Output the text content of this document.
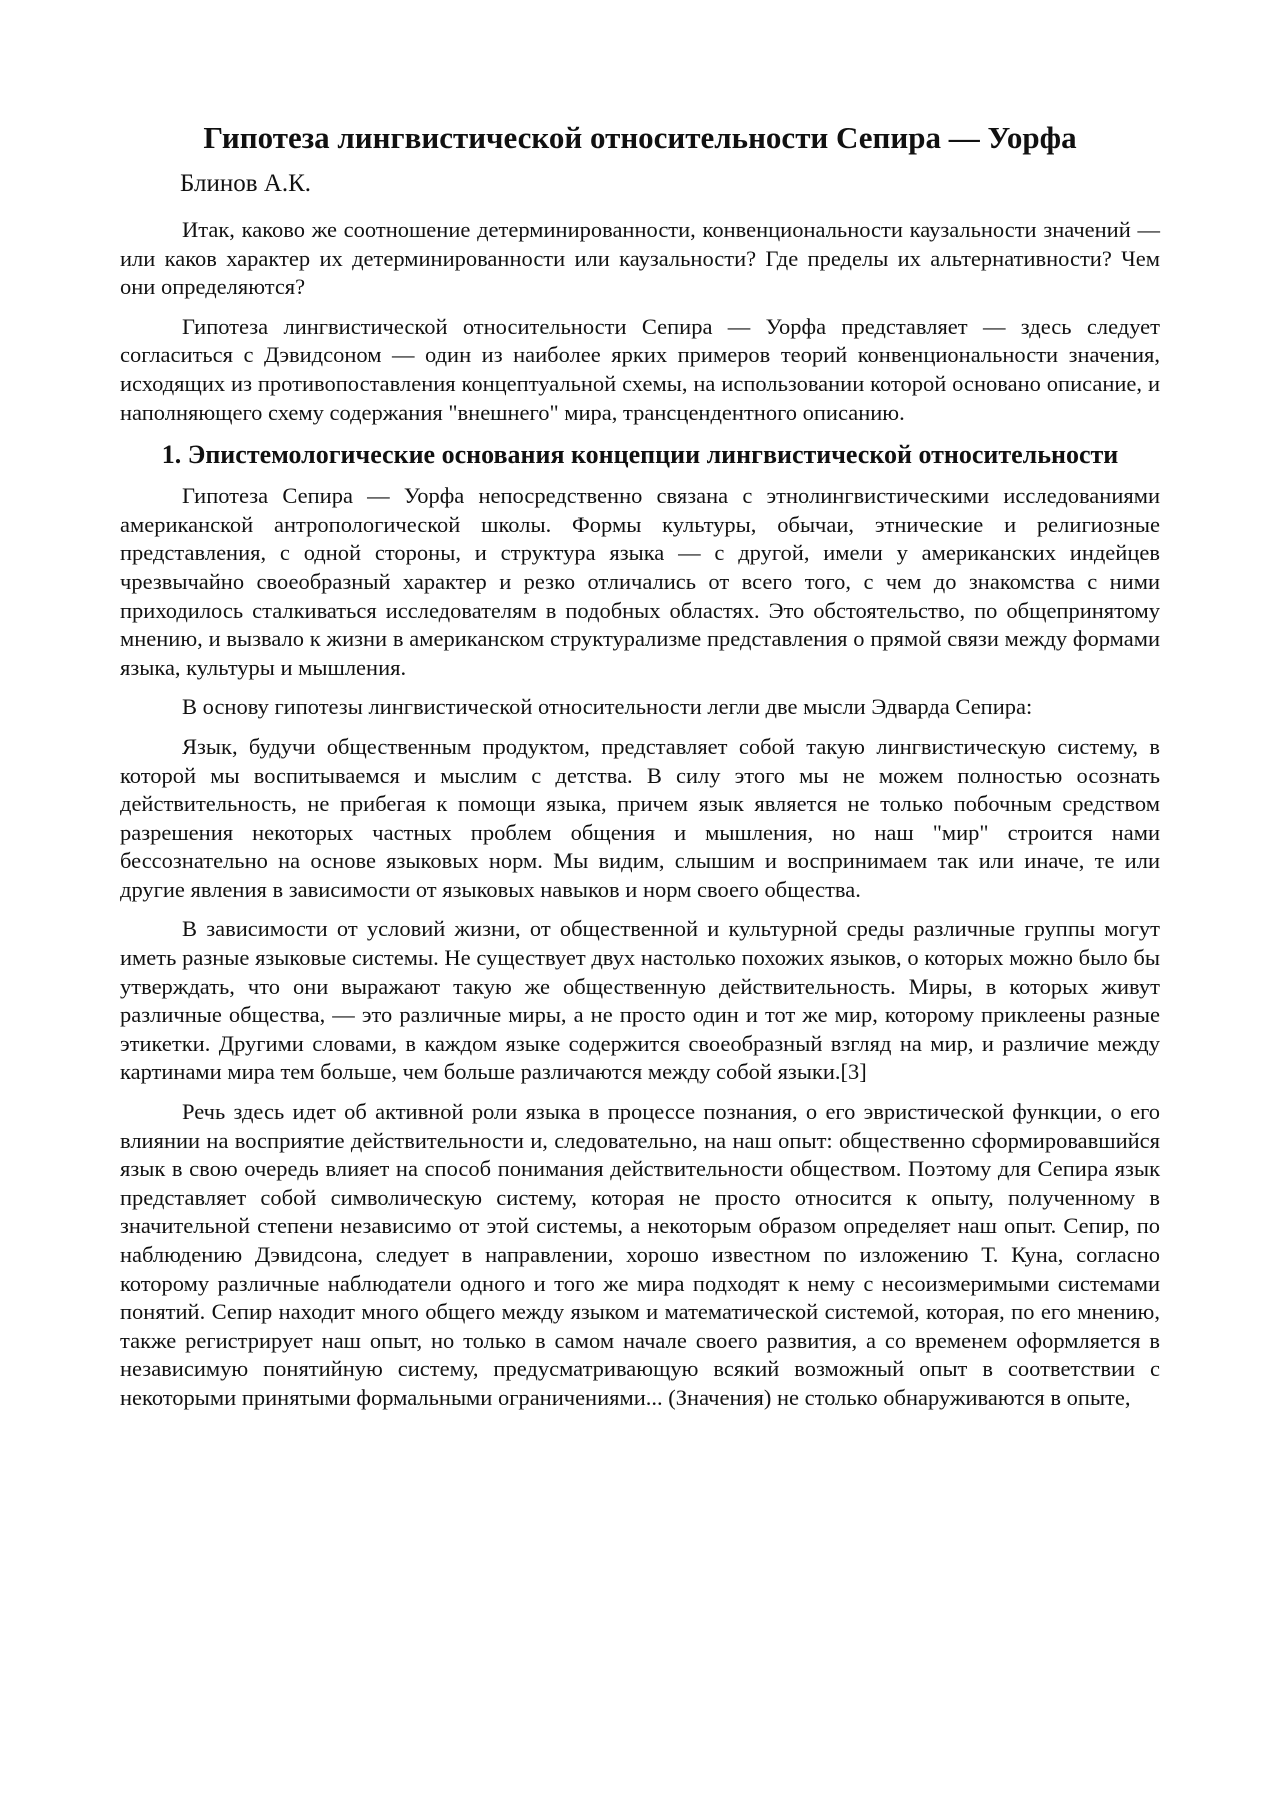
Гипотеза лингвистической относительности Сепира — Уорфа
Блинов А.К.

Итак, каково же соотношение детерминированности, конвенциональности каузальности значений — или каков характер их детерминированности или каузальности? Где пределы их альтернативности? Чем они определяются?

Гипотеза лингвистической относительности Сепира — Уорфа представляет — здесь следует согласиться с Дэвидсоном — один из наиболее ярких примеров теорий конвенциональности значения, исходящих из противопоставления концептуальной схемы, на использовании которой основано описание, и наполняющего схему содержания "внешнего" мира, трансцендентного описанию.

1. Эпистемологические основания концепции лингвистической относительности

Гипотеза Сепира — Уорфа непосредственно связана с этнолингвистическими исследованиями американской антропологической школы. Формы культуры, обычаи, этнические и религиозные представления, с одной стороны, и структура языка — с другой, имели у американских индейцев чрезвычайно своеобразный характер и резко отличались от всего того, с чем до знакомства с ними приходилось сталкиваться исследователям в подобных областях. Это обстоятельство, по общепринятому мнению, и вызвало к жизни в американском структурализме представления о прямой связи между формами языка, культуры и мышления.

В основу гипотезы лингвистической относительности легли две мысли Эдварда Сепира:

Язык, будучи общественным продуктом, представляет собой такую лингвистическую систему, в которой мы воспитываемся и мыслим с детства. В силу этого мы не можем полностью осознать действительность, не прибегая к помощи языка, причем язык является не только побочным средством разрешения некоторых частных проблем общения и мышления, но наш "мир" строится нами бессознательно на основе языковых норм. Мы видим, слышим и воспринимаем так или иначе, те или другие явления в зависимости от языковых навыков и норм своего общества.

В зависимости от условий жизни, от общественной и культурной среды различные группы могут иметь разные языковые системы. Не существует двух настолько похожих языков, о которых можно было бы утверждать, что они выражают такую же общественную действительность. Миры, в которых живут различные общества, — это различные миры, а не просто один и тот же мир, которому приклеены разные этикетки. Другими словами, в каждом языке содержится своеобразный взгляд на мир, и различие между картинами мира тем больше, чем больше различаются между собой языки.[3]

Речь здесь идет об активной роли языка в процессе познания, о его эвристической функции, о его влиянии на восприятие действительности и, следовательно, на наш опыт: общественно сформировавшийся язык в свою очередь влияет на способ понимания действительности обществом. Поэтому для Сепира язык представляет собой символическую систему, которая не просто относится к опыту, полученному в значительной степени независимо от этой системы, а некоторым образом определяет наш опыт. Сепир, по наблюдению Дэвидсона, следует в направлении, хорошо известном по изложению Т. Куна, согласно которому различные наблюдатели одного и того же мира подходят к нему с несоизмеримыми системами понятий. Сепир находит много общего между языком и математической системой, которая, по его мнению, также регистрирует наш опыт, но только в самом начале своего развития, а со временем оформляется в независимую понятийную систему, предусматривающую всякий возможный опыт в соответствии с некоторыми принятыми формальными ограничениями... (Значения) не столько обнаруживаются в опыте,
